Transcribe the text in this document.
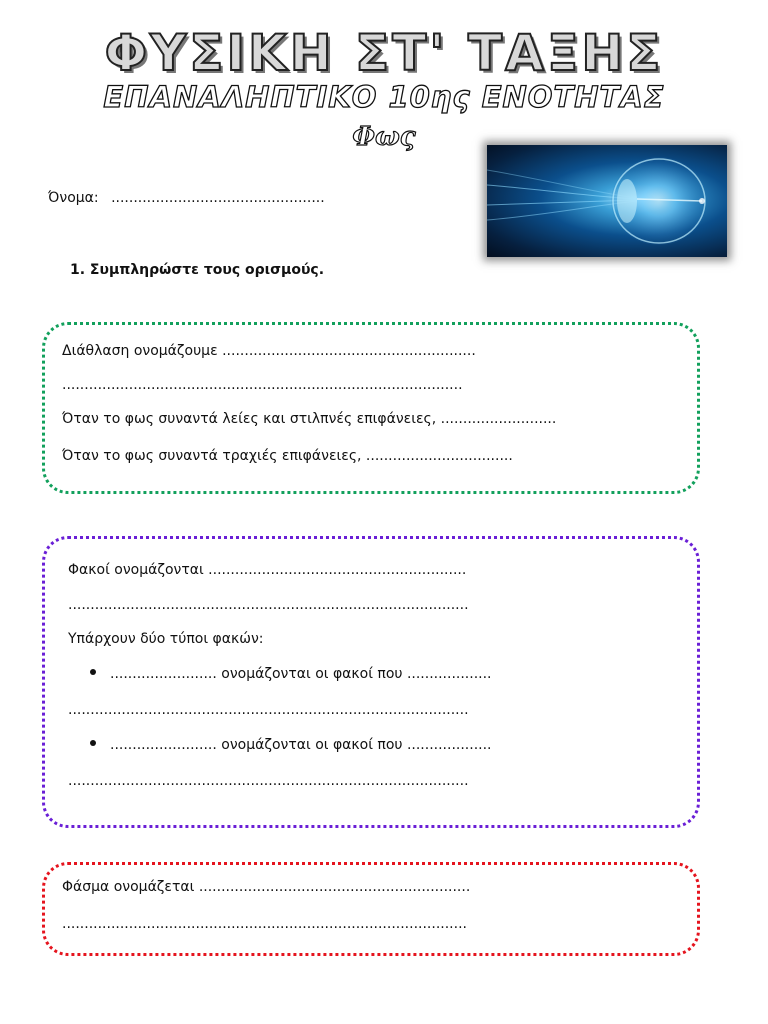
ΦΥΣΙΚΗ ΣΤ' ΤΑΞΗΣ
ΕΠΑΝΑΛΗΠΤΙΚΟ 10ης ΕΝΟΤΗΤΑΣ
Φως
Όνομα: ................................................
1. Συμπληρώστε τους ορισμούς.
Διάθλαση ονομάζουμε .........................................................
..........................................................................................
Όταν το φως συναντά λείες και στιλπνές επιφάνειες, ..........................
Όταν το φως συναντά τραχιές επιφάνειες, .................................
Φακοί ονομάζονται ..........................................................
..........................................................................................
Υπάρχουν δύο τύποι φακών:
........................ ονομάζονται οι φακοί που ...................
..........................................................................................
........................ ονομάζονται οι φακοί που ...................
..........................................................................................
Φάσμα ονομάζεται .............................................................
...........................................................................................
